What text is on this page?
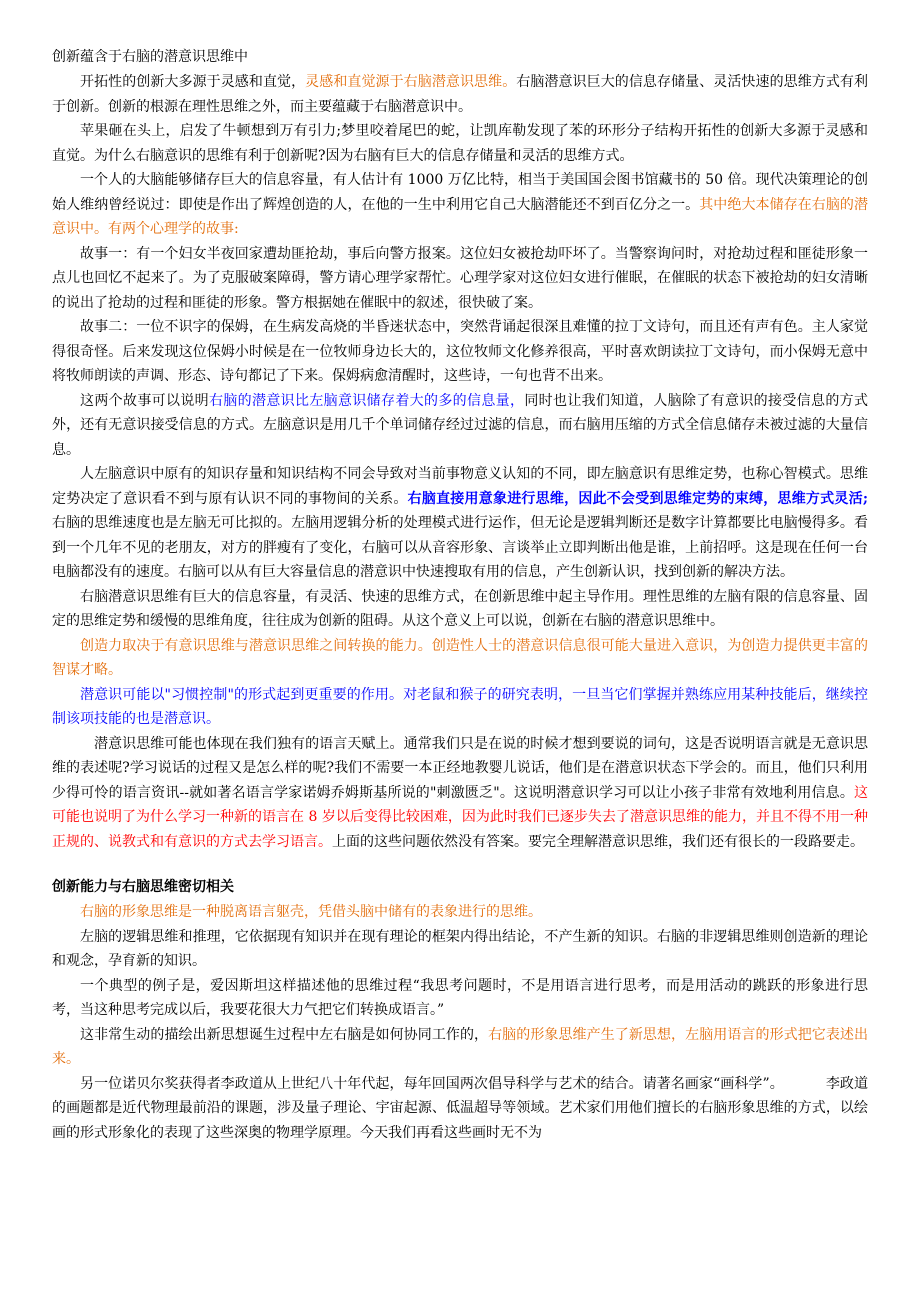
创新蕴含于右脑的潜意识思维中

开拓性的创新大多源于灵感和直觉，灵感和直觉源于右脑潜意识思维。右脑潜意识巨大的信息存储量、灵活快速的思维方式有利于创新。创新的根源在理性思维之外，而主要蕴藏于右脑潜意识中。

苹果砸在头上，启发了牛顿想到万有引力;梦里咬着尾巴的蛇，让凯库勒发现了苯的环形分子结构开拓性的创新大多源于灵感和直觉。为什么右脑意识的思维有利于创新呢?因为右脑有巨大的信息存储量和灵活的思维方式。

一个人的大脑能够储存巨大的信息容量，有人估计有 1000 万亿比特，相当于美国国会图书馆藏书的 50 倍。现代决策理论的创始人维纳曾经说过：即使是作出了辉煌创造的人，在他的一生中利用它自己大脑潜能还不到百亿分之一。其中绝大本储存在右脑的潜意识中。有两个心理学的故事:

故事一：有一个妇女半夜回家遭劫匪抢劫，事后向警方报案。这位妇女被抢劫吓坏了。当警察询问时，对抢劫过程和匪徒形象一点儿也回忆不起来了。为了克服破案障碍，警方请心理学家帮忙。心理学家对这位妇女进行催眠，在催眠的状态下被抢劫的妇女清晰的说出了抢劫的过程和匪徒的形象。警方根据她在催眠中的叙述，很快破了案。

故事二：一位不识字的保姆，在生病发高烧的半昏迷状态中，突然背诵起很深且难懂的拉丁文诗句，而且还有声有色。主人家觉得很奇怪。后来发现这位保姆小时候是在一位牧师身边长大的，这位牧师文化修养很高，平时喜欢朗读拉丁文诗句，而小保姆无意中将牧师朗读的声调、形态、诗句都记了下来。保姆病愈清醒时，这些诗，一句也背不出来。

这两个故事可以说明右脑的潜意识比左脑意识储存着大的多的信息量，同时也让我们知道，人脑除了有意识的接受信息的方式外，还有无意识接受信息的方式。左脑意识是用几千个单词储存经过过滤的信息，而右脑用压缩的方式全信息储存未被过滤的大量信息。

人左脑意识中原有的知识存量和知识结构不同会导致对当前事物意义认知的不同，即左脑意识有思维定势，也称心智模式。思维定势决定了意识看不到与原有认识不同的事物间的关系。右脑直接用意象进行思维，因此不会受到思维定势的束缚，思维方式灵活;右脑的思维速度也是左脑无可比拟的。左脑用逻辑分析的处理模式进行运作，但无论是逻辑判断还是数字计算都要比电脑慢得多。看到一个几年不见的老朋友，对方的胖瘦有了变化，右脑可以从音容形象、言谈举止立即判断出他是谁，上前招呼。这是现在任何一台电脑都没有的速度。右脑可以从有巨大容量信息的潜意识中快速搜取有用的信息，产生创新认识，找到创新的解决方法。

右脑潜意识思维有巨大的信息容量，有灵活、快速的思维方式，在创新思维中起主导作用。理性思维的左脑有限的信息容量、固定的思维定势和缓慢的思维角度，往往成为创新的阻碍。从这个意义上可以说，创新在右脑的潜意识思维中。

创造力取决于有意识思维与潜意识思维之间转换的能力。创造性人士的潜意识信息很可能大量进入意识，为创造力提供更丰富的智谋才略。

潜意识可能以"习惯控制"的形式起到更重要的作用。对老鼠和猴子的研究表明，一旦当它们掌握并熟练应用某种技能后，继续控制该项技能的也是潜意识。

潜意识思维可能也体现在我们独有的语言天赋上。通常我们只是在说的时候才想到要说的词句，这是否说明语言就是无意识思维的表述呢?学习说话的过程又是怎么样的呢?我们不需要一本正经地教婴儿说话，他们是在潜意识状态下学会的。而且，他们只利用少得可怜的语言资讯--就如著名语言学家诺姆乔姆斯基所说的"刺激匮乏"。这说明潜意识学习可以让小孩子非常有效地利用信息。这可能也说明了为什么学习一种新的语言在 8 岁以后变得比较困难，因为此时我们已逐步失去了潜意识思维的能力，并且不得不用一种正规的、说教式和有意识的方式去学习语言。上面的这些问题依然没有答案。要完全理解潜意识思维，我们还有很长的一段路要走。

创新能力与右脑思维密切相关

右脑的形象思维是一种脱离语言躯壳，凭借头脑中储有的表象进行的思维。

左脑的逻辑思维和推理，它依据现有知识并在现有理论的框架内得出结论，不产生新的知识。右脑的非逻辑思维则创造新的理论和观念，孕育新的知识。

一个典型的例子是，爱因斯坦这样描述他的思维过程“我思考问题时，不是用语言进行思考，而是用活动的跳跃的形象进行思考，当这种思考完成以后，我要花很大力气把它们转换成语言。”

这非常生动的描绘出新思想诞生过程中左右脑是如何协同工作的，右脑的形象思维产生了新思想，左脑用语言的形式把它表述出来。

另一位诺贝尔奖获得者李政道从上世纪八十年代起，每年回国两次倡导科学与艺术的结合。请著名画家“画科学”。	李政道的画题都是近代物理最前沿的课题，涉及量子理论、宇宙起源、低温超导等领域。艺术家们用他们擅长的右脑形象思维的方式，以绘画的形式形象化的表现了这些深奥的物理学原理。今天我们再看这些画时无不为
